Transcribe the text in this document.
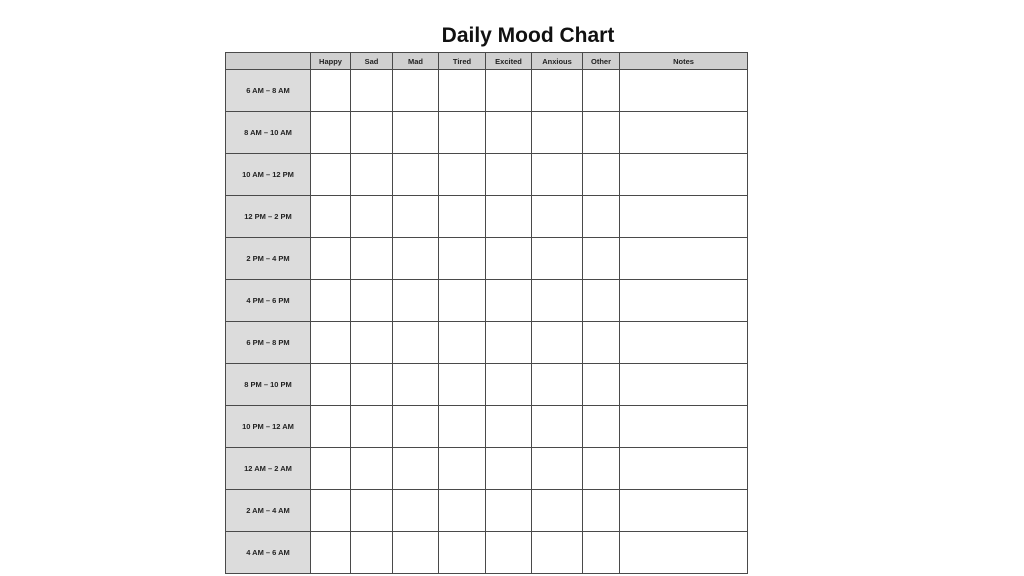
Daily Mood Chart
	Happy	Sad	Mad	Tired	Excited	Anxious	Other	Notes
6 AM – 8 AM								
8 AM – 10 AM								
10 AM – 12 PM								
12 PM – 2 PM								
2 PM – 4 PM								
4 PM – 6 PM								
6 PM – 8 PM								
8 PM – 10 PM								
10 PM – 12 AM								
12 AM – 2 AM								
2 AM – 4 AM								
4 AM – 6 AM								
